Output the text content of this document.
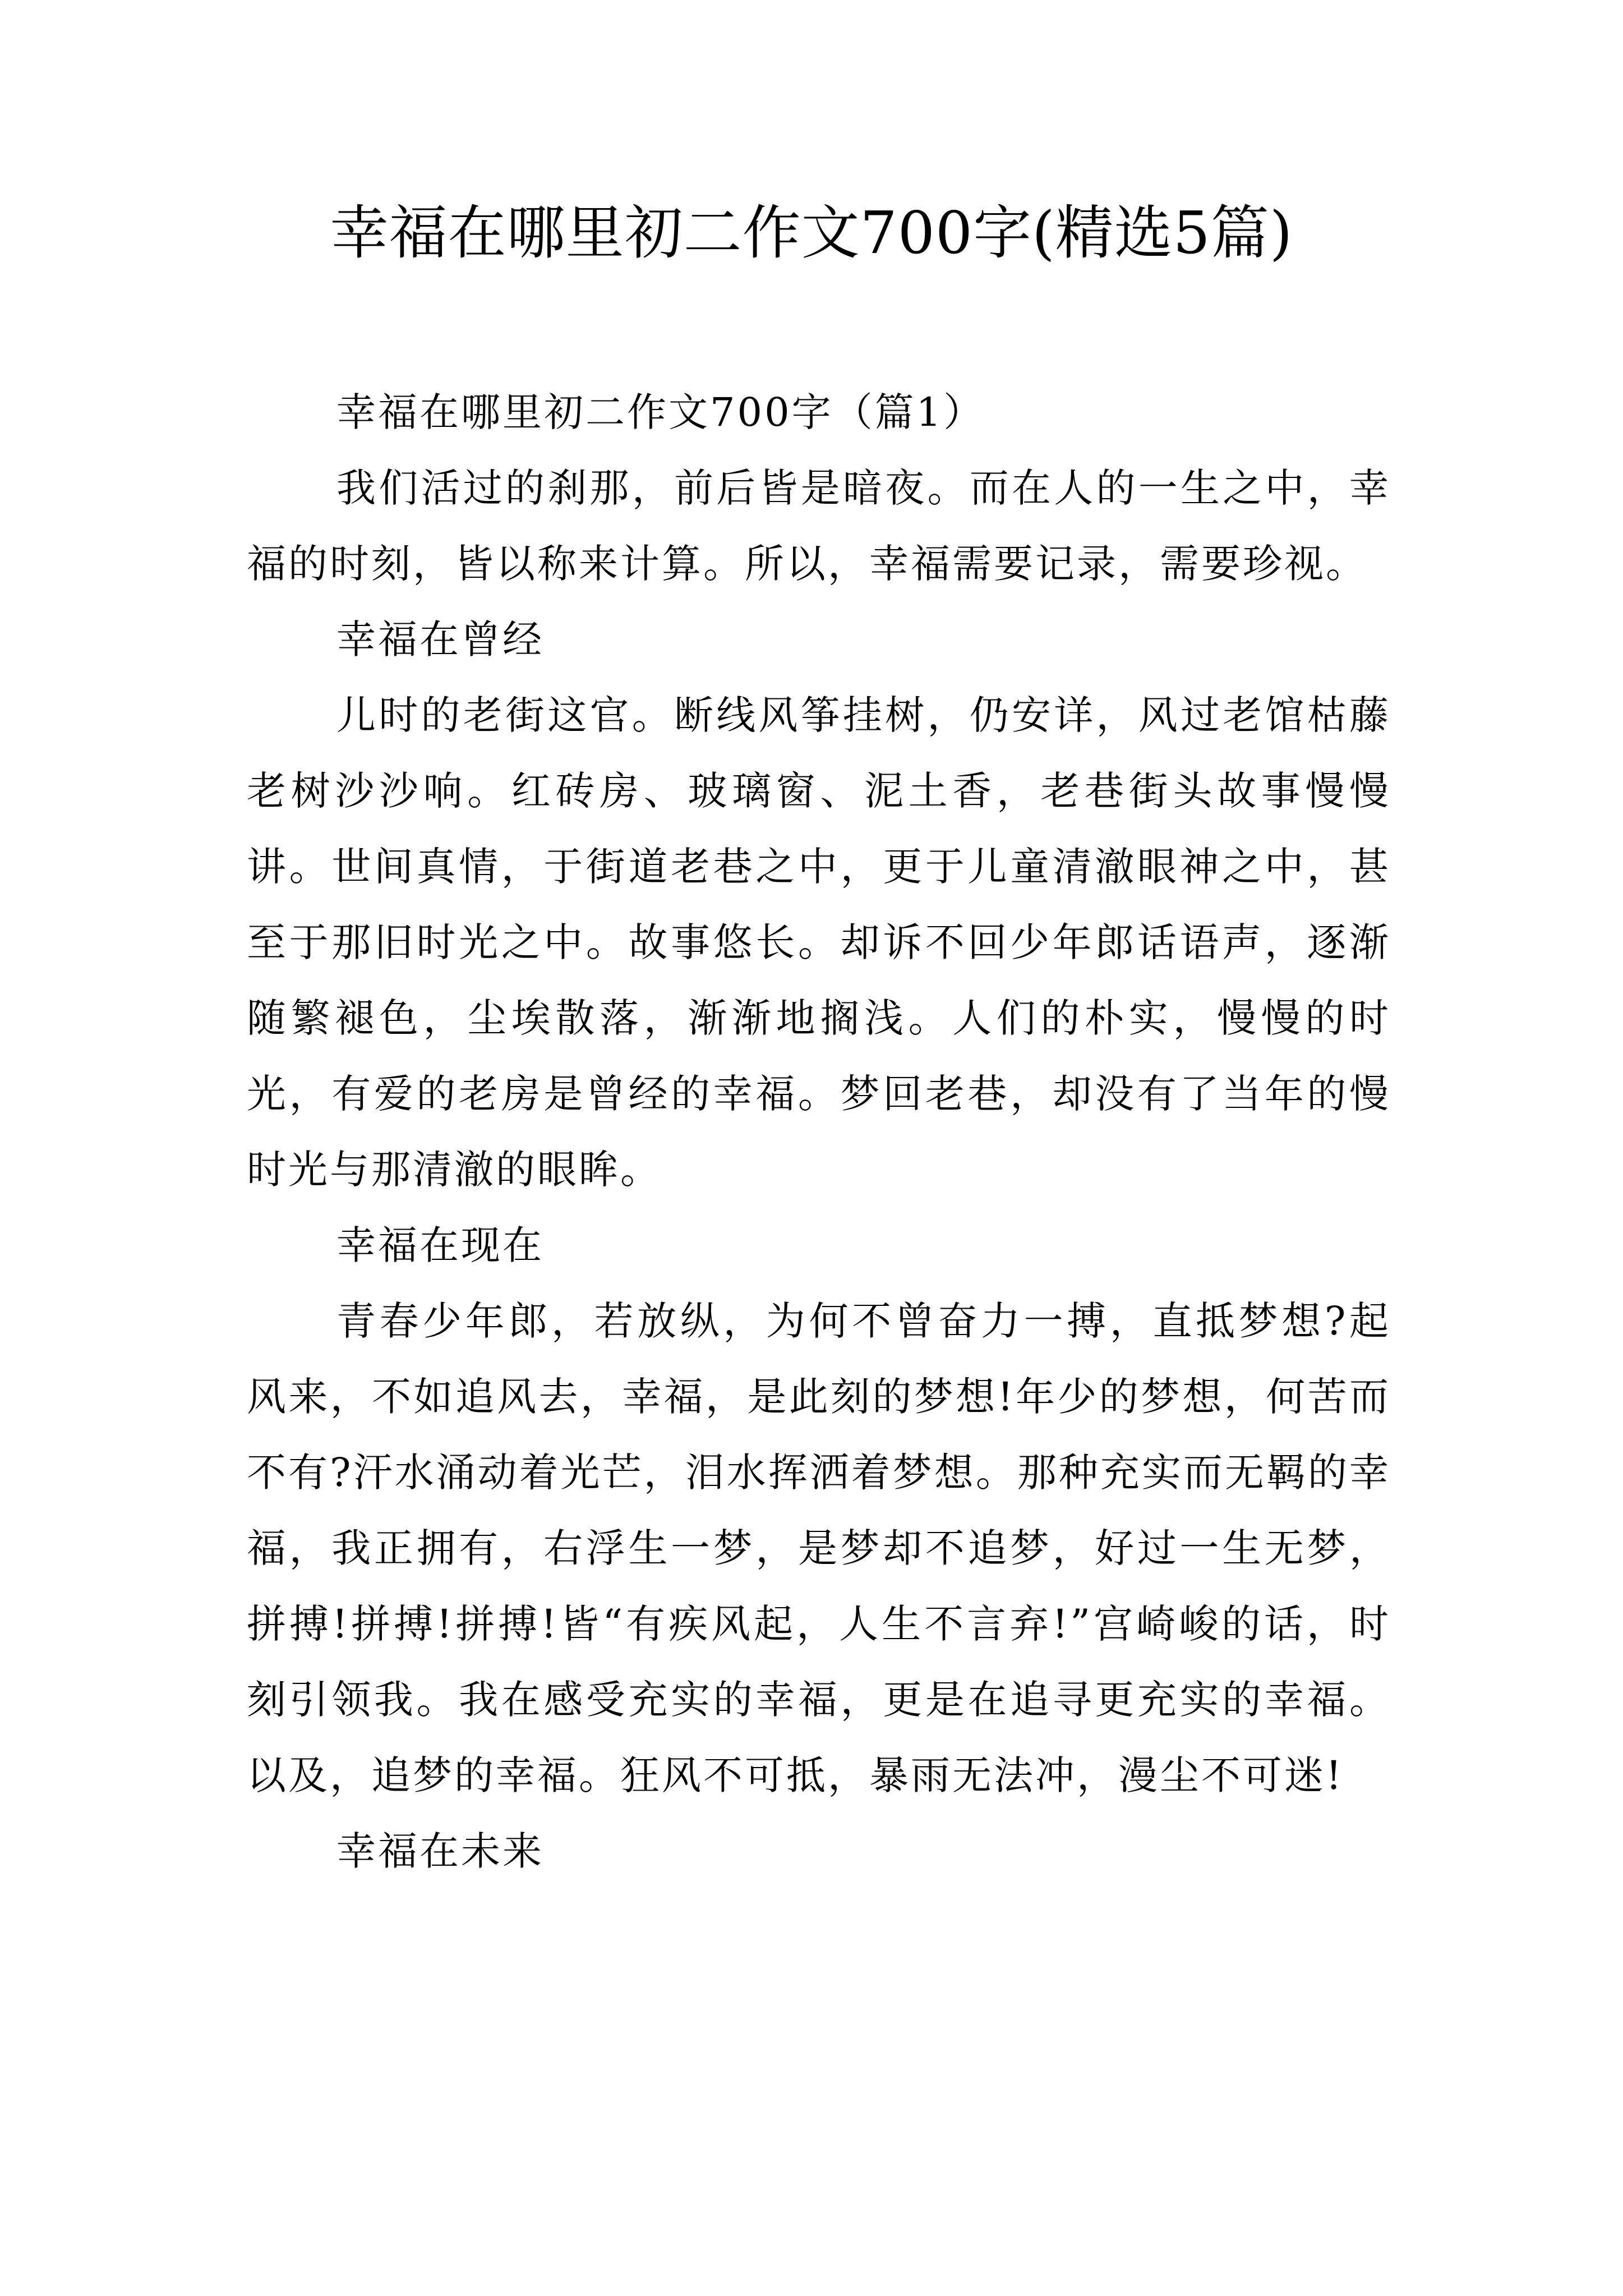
幸福在哪里初二作文700字(精选5篇)

幸福在哪里初二作文700字（篇1）

我们活过的刹那，前后皆是暗夜。而在人的一生之中，幸福的时刻，皆以称来计算。所以，幸福需要记录，需要珍视。

幸福在曾经

儿时的老街这官。断线风筝挂树，仍安详，风过老馆枯藤老树沙沙响。红砖房、玻璃窗、泥土香，老巷街头故事慢慢讲。世间真情，于街道老巷之中，更于儿童清澈眼神之中，甚至于那旧时光之中。故事悠长。却诉不回少年郎话语声，逐渐随繁褪色，尘埃散落，渐渐地搁浅。人们的朴实，慢慢的时光，有爱的老房是曾经的幸福。梦回老巷，却没有了当年的慢时光与那清澈的眼眸。

幸福在现在

青春少年郎，若放纵，为何不曾奋力一搏，直抵梦想?起风来，不如追风去，幸福，是此刻的梦想!年少的梦想，何苦而不有?汗水涌动着光芒，泪水挥洒着梦想。那种充实而无羁的幸福，我正拥有，右浮生一梦，是梦却不追梦，好过一生无梦，拼搏!拼搏!拼搏!皆“有疾风起，人生不言弃!”宫崎峻的话，时刻引领我。我在感受充实的幸福，更是在追寻更充实的幸福。以及，追梦的幸福。狂风不可抵，暴雨无法冲，漫尘不可迷!

幸福在未来
